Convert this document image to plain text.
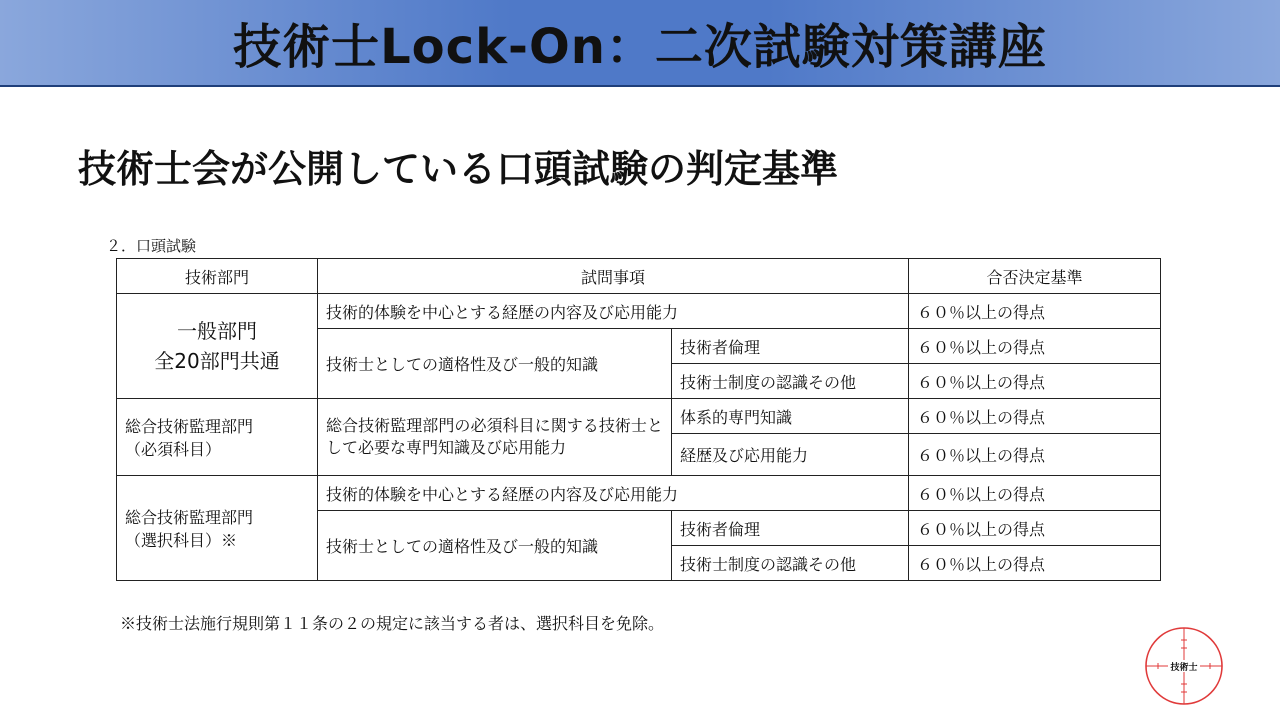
技術士Lock-On：二次試験対策講座
技術士会が公開している口頭試験の判定基準
２．口頭試験
技術部門	試問事項		合否決定基準

一般部門
全20部門共通	技術的体験を中心とする経歴の内容及び応用能力		６０％以上の得点
	技術士としての適格性及び一般的知識	技術者倫理	６０％以上の得点
		技術士制度の認識その他	６０％以上の得点

総合技術監理部門
（必須科目）	総合技術監理部門の必須科目に関する技術士として必要な専門知識及び応用能力	体系的専門知識	６０％以上の得点
		経歴及び応用能力	６０％以上の得点

総合技術監理部門
（選択科目）※	技術的体験を中心とする経歴の内容及び応用能力		６０％以上の得点
	技術士としての適格性及び一般的知識	技術者倫理	６０％以上の得点
		技術士制度の認識その他	６０％以上の得点
※技術士法施行規則第１１条の２の規定に該当する者は、選択科目を免除。
技術士
